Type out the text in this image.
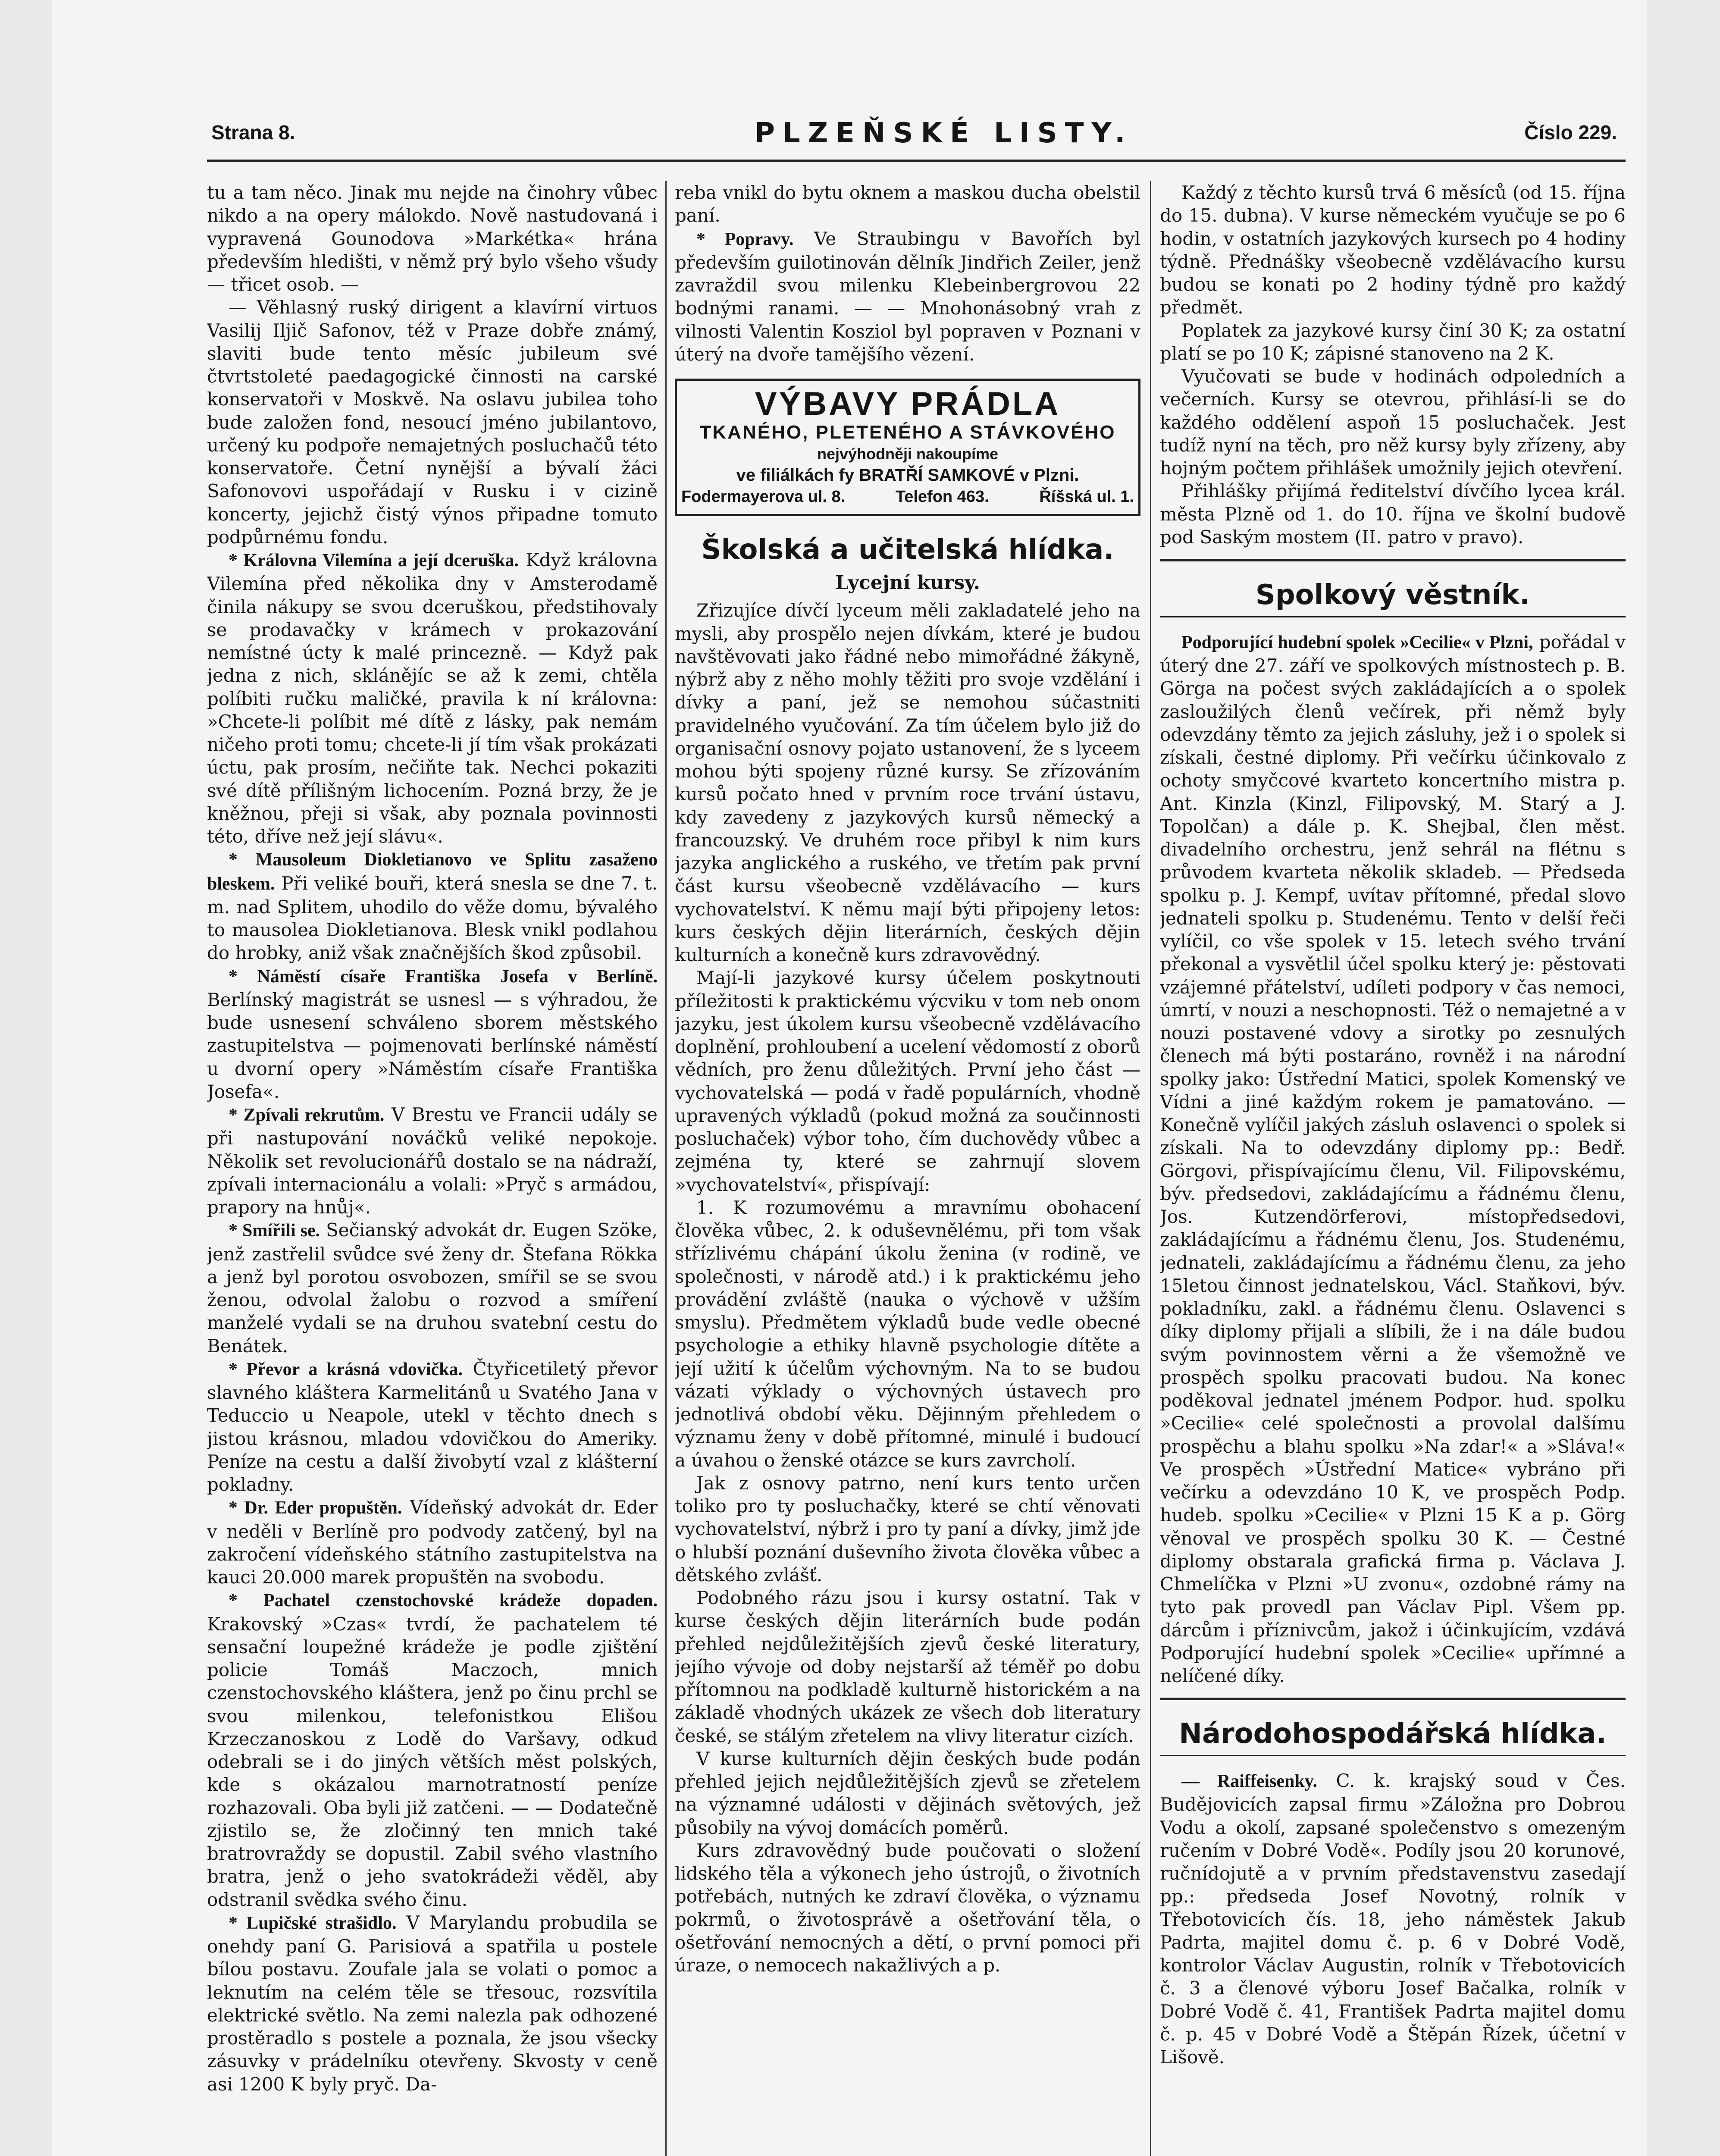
Strana 8.	PLZEŇSKÉ LISTY.	Číslo 229.

tu a tam něco. Jinak mu nejde na činohry vůbec nikdo a na opery málokdo. Nově nastudovaná i vypravená Gounodova »Markétka« hrána především hledišti, v němž prý bylo všeho všudy — třicet osob. —

— Věhlasný ruský dirigent a klavírní virtuos Vasilij Iljič Safonov, též v Praze dobře známý, slaviti bude tento měsíc jubileum své čtvrtstoleté paedagogické činnosti na carské konservatoři v Moskvě. Na oslavu jubilea toho bude založen fond, nesoucí jméno jubilantovo, určený ku podpoře nemajetných posluchačů této konservatoře. Četní nynější a bývalí žáci Safonovovi uspořádají v Rusku i v cizině koncerty, jejichž čistý výnos připadne tomuto podpůrnému fondu.

* Královna Vilemína a její dceruška. Když královna Vilemína před několika dny v Amsterodamě činila nákupy se svou dceruškou, předstihovaly se prodavačky v krámech v prokazování nemístné úcty k malé princezně. — Když pak jedna z nich, sklánějíc se až k zemi, chtěla políbiti ručku maličké, pravila k ní královna: »Chcete-li políbit mé dítě z lásky, pak nemám ničeho proti tomu; chcete-li jí tím však prokázati úctu, pak prosím, nečiňte tak. Nechci pokaziti své dítě přílišným lichocením. Pozná brzy, že je kněžnou, přeji si však, aby poznala povinnosti této, dříve než její slávu«.

* Mausoleum Diokletianovo ve Splitu zasaženo bleskem. Při veliké bouři, která snesla se dne 7. t. m. nad Splitem, uhodilo do věže domu, bývalého to mausolea Diokletianova. Blesk vnikl podlahou do hrobky, aniž však značnějších škod způsobil.

* Náměstí císaře Františka Josefa v Berlíně. Berlínský magistrát se usnesl — s výhradou, že bude usnesení schváleno sborem městského zastupitelstva — pojmenovati berlínské náměstí u dvorní opery »Náměstím císaře Františka Josefa«.

* Zpívali rekrutům. V Brestu ve Francii udály se při nastupování nováčků veliké nepokoje. Několik set revolucionářů dostalo se na nádraží, zpívali internacionálu a volali: »Pryč s armádou, prapory na hnůj«.

* Smířili se. Sečianský advokát dr. Eugen Szöke, jenž zastřelil svůdce své ženy dr. Štefana Rökka a jenž byl porotou osvobozen, smířil se se svou ženou, odvolal žalobu o rozvod a smíření manželé vydali se na druhou svatební cestu do Benátek.

* Převor a krásná vdovička. Čtyřicetiletý převor slavného kláštera Karmelitánů u Svatého Jana v Teduccio u Neapole, utekl v těchto dnech s jistou krásnou, mladou vdovičkou do Ameriky. Peníze na cestu a další živobytí vzal z klášterní pokladny.

* Dr. Eder propuštěn. Vídeňský advokát dr. Eder v neděli v Berlíně pro podvody zatčený, byl na zakročení vídeňského státního zastupitelstva na kauci 20.000 marek propuštěn na svobodu.

* Pachatel czenstochovské krádeže dopaden. Krakovský »Czas« tvrdí, že pachatelem té sensační loupežné krádeže je podle zjištění policie Tomáš Maczoch, mnich czenstochovského kláštera, jenž po činu prchl se svou milenkou, telefonistkou Elišou Krzeczanoskou z Lodě do Varšavy, odkud odebrali se i do jiných větších měst polských, kde s okázalou marnotratností peníze rozhazovali. Oba byli již zatčeni. — — Dodatečně zjistilo se, že zločinný ten mnich také bratrovraždy se dopustil. Zabil svého vlastního bratra, jenž o jeho svatokrádeži věděl, aby odstranil svědka svého činu.

* Lupičské strašidlo. V Marylandu probudila se onehdy paní G. Parisiová a spatřila u postele bílou postavu. Zoufale jala se volati o pomoc a leknutím na celém těle se třesouc, rozsvítila elektrické světlo. Na zemi nalezla pak odhozené prostěradlo s postele a poznala, že jsou všecky zásuvky v prádelníku otevřeny. Skvosty v ceně asi 1200 K byly pryč. Da-

reba vnikl do bytu oknem a maskou ducha obelstil paní.

* Popravy. Ve Straubingu v Bavořích byl především guilotinován dělník Jindřich Zeiler, jenž zavraždil svou milenku Klebeinbergrovou 22 bodnými ranami. — — Mnohonásobný vrah z vilnosti Valentin Kosziol byl popraven v Poznani v úterý na dvoře tamějšího vězení.

VÝBAVY PRÁDLA
TKANÉHO, PLETENÉHO A STÁVKOVÉHO
nejvýhodněji nakoupíme
ve filiálkách fy BRATŘÍ SAMKOVÉ v Plzni.
Fodermayerova ul. 8.	Telefon 463.	Říšská ul. 1.
Školská a učitelská hlídka.
Lycejní kursy.

Zřizujíce dívčí lyceum měli zakladatelé jeho na mysli, aby prospělo nejen dívkám, které je budou navštěvovati jako řádné nebo mimořádné žákyně, nýbrž aby z něho mohly těžiti pro svoje vzdělání i dívky a paní, jež se nemohou súčastniti pravidelného vyučování. Za tím účelem bylo již do organisační osnovy pojato ustanovení, že s lyceem mohou býti spojeny různé kursy. Se zřízováním kursů počato hned v prvním roce trvání ústavu, kdy zavedeny z jazykových kursů německý a francouzský. Ve druhém roce přibyl k nim kurs jazyka anglického a ruského, ve třetím pak první část kursu všeobecně vzdělávacího — kurs vychovatelství. K němu mají býti připojeny letos: kurs českých dějin literárních, českých dějin kulturních a konečně kurs zdravovědný.

Mají-li jazykové kursy účelem poskytnouti příležitosti k praktickému výcviku v tom neb onom jazyku, jest úkolem kursu všeobecně vzdělávacího doplnění, prohloubení a ucelení vědomostí z oborů vědních, pro ženu důležitých. První jeho část — vychovatelská — podá v řadě populárních, vhodně upravených výkladů (pokud možná za součinnosti posluchaček) výbor toho, čím duchovědy vůbec a zejména ty, které se zahrnují slovem »vychovatelství«, přispívají:

1. K rozumovému a mravnímu obohacení člověka vůbec, 2. k oduševnělému, při tom však střízlivému chápání úkolu ženina (v rodině, ve společnosti, v národě atd.) i k praktickému jeho provádění zvláště (nauka o výchově v užším smyslu). Předmětem výkladů bude vedle obecné psychologie a ethiky hlavně psychologie dítěte a její užití k účelům výchovným. Na to se budou vázati výklady o výchovných ústavech pro jednotlivá období věku. Dějinným přehledem o významu ženy v době přítomné, minulé i budoucí a úvahou o ženské otázce se kurs zavrcholí.

Jak z osnovy patrno, není kurs tento určen toliko pro ty posluchačky, které se chtí věnovati vychovatelství, nýbrž i pro ty paní a dívky, jimž jde o hlubší poznání duševního života člověka vůbec a dětského zvlášť.

Podobného rázu jsou i kursy ostatní. Tak v kurse českých dějin literárních bude podán přehled nejdůležitějších zjevů české literatury, jejího vývoje od doby nejstarší až téměř po dobu přítomnou na podkladě kulturně historickém a na základě vhodných ukázek ze všech dob literatury české, se stálým zřetelem na vlivy literatur cizích.

V kurse kulturních dějin českých bude podán přehled jejich nejdůležitějších zjevů se zřetelem na významné události v dějinách světových, jež působily na vývoj domácích poměrů.

Kurs zdravovědný bude poučovati o složení lidského těla a výkonech jeho ústrojů, o životních potřebách, nutných ke zdraví člověka, o významu pokrmů, o životosprávě a ošetřování těla, o ošetřování nemocných a dětí, o první pomoci při úraze, o nemocech nakažlivých a p.

Každý z těchto kursů trvá 6 měsíců (od 15. října do 15. dubna). V kurse německém vyučuje se po 6 hodin, v ostatních jazykových kursech po 4 hodiny týdně. Přednášky všeobecně vzdělávacího kursu budou se konati po 2 hodiny týdně pro každý předmět.

Poplatek za jazykové kursy činí 30 K; za ostatní platí se po 10 K; zápisné stanoveno na 2 K.

Vyučovati se bude v hodinách odpoledních a večerních. Kursy se otevrou, přihlásí-li se do každého oddělení aspoň 15 posluchaček. Jest tudíž nyní na těch, pro něž kursy byly zřízeny, aby hojným počtem přihlášek umožnily jejich otevření.

Přihlášky přijímá ředitelství dívčího lycea král. města Plzně od 1. do 10. října ve školní budově pod Saským mostem (II. patro v pravo).

Spolkový věstník.

Podporující hudební spolek »Cecilie« v Plzni, pořádal v úterý dne 27. září ve spolkových místnostech p. B. Görga na počest svých zakládajících a o spolek zasloužilých členů večírek, při němž byly odevzdány těmto za jejich zásluhy, jež i o spolek si získali, čestné diplomy. Při večírku účinkovalo z ochoty smyčcové kvarteto koncertního mistra p. Ant. Kinzla (Kinzl, Filipovský, M. Starý a J. Topolčan) a dále p. K. Shejbal, člen měst. divadelního orchestru, jenž sehrál na flétnu s průvodem kvarteta několik skladeb. — Předseda spolku p. J. Kempf, uvítav přítomné, předal slovo jednateli spolku p. Studenému. Tento v delší řeči vylíčil, co vše spolek v 15. letech svého trvání překonal a vysvětlil účel spolku který je: pěstovati vzájemné přátelství, udíleti podpory v čas nemoci, úmrtí, v nouzi a neschopnosti. Též o nemajetné a v nouzi postavené vdovy a sirotky po zesnulých členech má býti postaráno, rovněž i na národní spolky jako: Ústřední Matici, spolek Komenský ve Vídni a jiné každým rokem je pamatováno. — Konečně vylíčil jakých zásluh oslavenci o spolek si získali. Na to odevzdány diplomy pp.: Bedř. Görgovi, přispívajícímu členu, Vil. Filipovskému, býv. předsedovi, zakládajícímu a řádnému členu, Jos. Kutzendörferovi, místopředsedovi, zakládajícímu a řádnému členu, Jos. Studenému, jednateli, zakládajícímu a řádnému členu, za jeho 15letou činnost jednatelskou, Václ. Staňkovi, býv. pokladníku, zakl. a řádnému členu. Oslavenci s díky diplomy přijali a slíbili, že i na dále budou svým povinnostem věrni a že všemožně ve prospěch spolku pracovati budou. Na konec poděkoval jednatel jménem Podpor. hud. spolku »Cecilie« celé společnosti a provolal dalšímu prospěchu a blahu spolku »Na zdar!« a »Sláva!« Ve prospěch »Ústřední Matice« vybráno při večírku a odevzdáno 10 K, ve prospěch Podp. hudeb. spolku »Cecilie« v Plzni 15 K a p. Görg věnoval ve prospěch spolku 30 K. — Čestné diplomy obstarala grafická firma p. Václava J. Chmelíčka v Plzni »U zvonu«, ozdobné rámy na tyto pak provedl pan Václav Pipl. Všem pp. dárcům i příznivcům, jakož i účinkujícím, vzdává Podporující hudební spolek »Cecilie« upřímné a nelíčené díky.

Národohospodářská hlídka.

— Raiffeisenky. C. k. krajský soud v Čes. Budějovicích zapsal firmu »Záložna pro Dobrou Vodu a okolí, zapsané společenstvo s omezeným ručením v Dobré Vodě«. Podíly jsou 20 korunové, ručnídojutě a v prvním představenstvu zasedají pp.: předseda Josef Novotný, rolník v Třebotovicích čís. 18, jeho náměstek Jakub Padrta, majitel domu č. p. 6 v Dobré Vodě, kontrolor Václav Augustin, rolník v Třebotovicích č. 3 a členové výboru Josef Bačalka, rolník v Dobré Vodě č. 41, František Padrta majitel domu č. p. 45 v Dobré Vodě a Štěpán Řízek, účetní v Lišově.
